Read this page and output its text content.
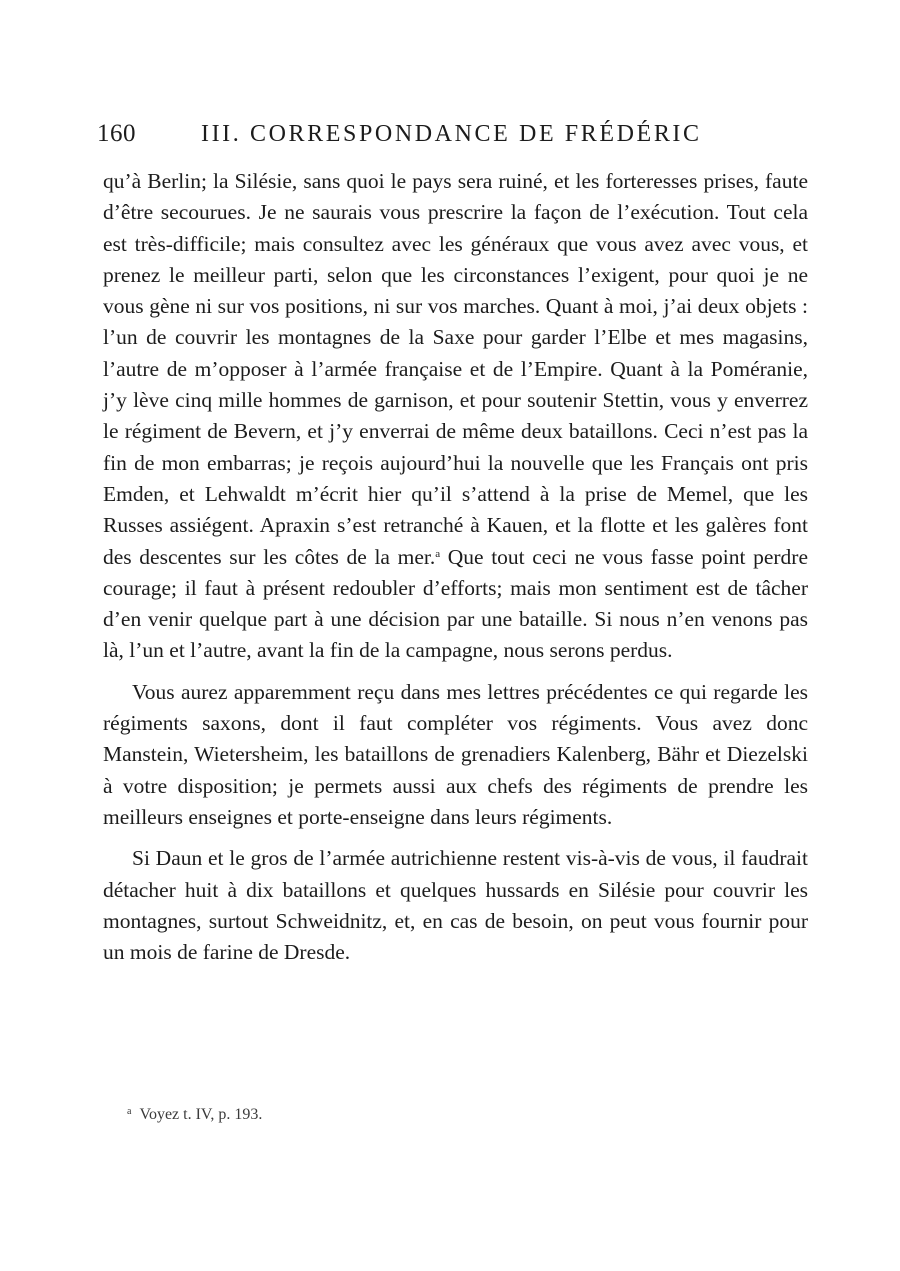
160	III. CORRESPONDANCE DE FRÉDÉRIC

qu’à Berlin; la Silésie, sans quoi le pays sera ruiné, et les forteresses prises, faute d’être secourues. Je ne saurais vous prescrire la façon de l’exécution. Tout cela est très-difficile; mais consultez avec les généraux que vous avez avec vous, et prenez le meilleur parti, selon que les circonstances l’exigent, pour quoi je ne vous gène ni sur vos positions, ni sur vos marches. Quant à moi, j’ai deux objets : l’un de couvrir les montagnes de la Saxe pour garder l’Elbe et mes magasins, l’autre de m’opposer à l’armée française et de l’Empire. Quant à la Poméranie, j’y lève cinq mille hommes de garnison, et pour soutenir Stettin, vous y enverrez le régiment de Bevern, et j’y enverrai de même deux bataillons. Ceci n’est pas la fin de mon embarras; je reçois aujourd’hui la nouvelle que les Français ont pris Emden, et Lehwaldt m’écrit hier qu’il s’attend à la prise de Memel, que les Russes assiégent. Apraxin s’est retranché à Kauen, et la flotte et les galères font des descentes sur les côtes de la mer.$^a$ Que tout ceci ne vous fasse point perdre courage; il faut à présent redoubler d’efforts; mais mon sentiment est de tâcher d’en venir quelque part à une décision par une bataille. Si nous n’en venons pas là, l’un et l’autre, avant la fin de la campagne, nous serons perdus.

Vous aurez apparemment reçu dans mes lettres précédentes ce qui regarde les régiments saxons, dont il faut compléter vos régiments. Vous avez donc Manstein, Wietersheim, les bataillons de grenadiers Kalenberg, Bähr et Diezelski à votre disposition; je permets aussi aux chefs des régiments de prendre les meilleurs enseignes et porte-enseigne dans leurs régiments.

Si Daun et le gros de l’armée autrichienne restent vis-à-vis de vous, il faudrait détacher huit à dix bataillons et quelques hussards en Silésie pour couvrir les montagnes, surtout Schweidnitz, et, en cas de besoin, on peut vous fournir pour un mois de farine de Dresde.

$^a$ Voyez t. IV, p. 193.
